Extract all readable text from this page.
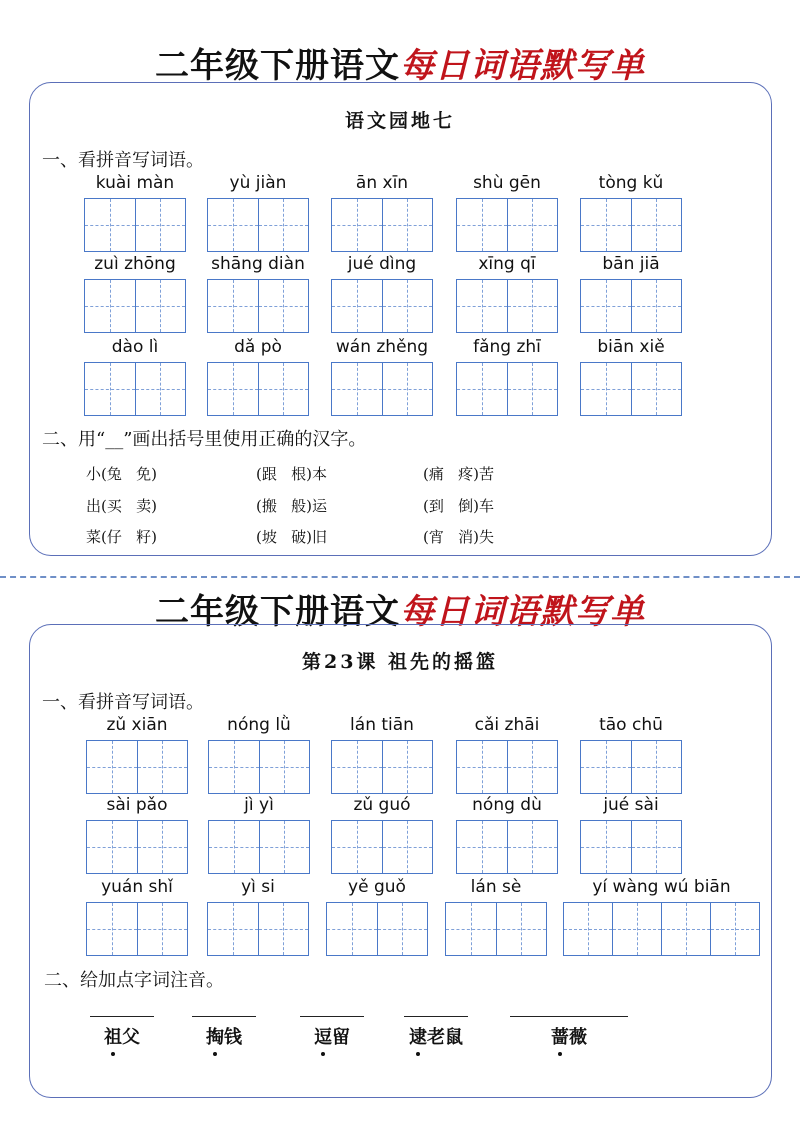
二年级下册语文每日词语默写单
语文园地七
一、看拼音写词语。
kuài màn	yù jiàn	ān xīn	shù gēn	tòng kǔ
zuì zhōng	shāng diàn	jué dìng	xīng qī	bān jiā
dào lì	dǎ pò	wán zhěng	fǎng zhī	biān xiě
二、用“__”画出括号里使用正确的汉字。
小(兔   免)	(跟   根)本	(痛   疼)苦
出(买   卖)	(搬   般)运	(到   倒)车
菜(仔   籽)	(坡   破)旧	(宵   消)失
二年级下册语文每日词语默写单
第23课 祖先的摇篮
一、看拼音写词语。
zǔ xiān	nóng lǜ	lán tiān	cǎi zhāi	tāo chū
sài pǎo	jì yì	zǔ guó	nóng dù	jué sài
yuán shǐ	yì si	yě guǒ	lán sè	yí wàng wú biān
二、给加点字词注音。
祖父	掏钱	逗留	逮老鼠	蔷薇
